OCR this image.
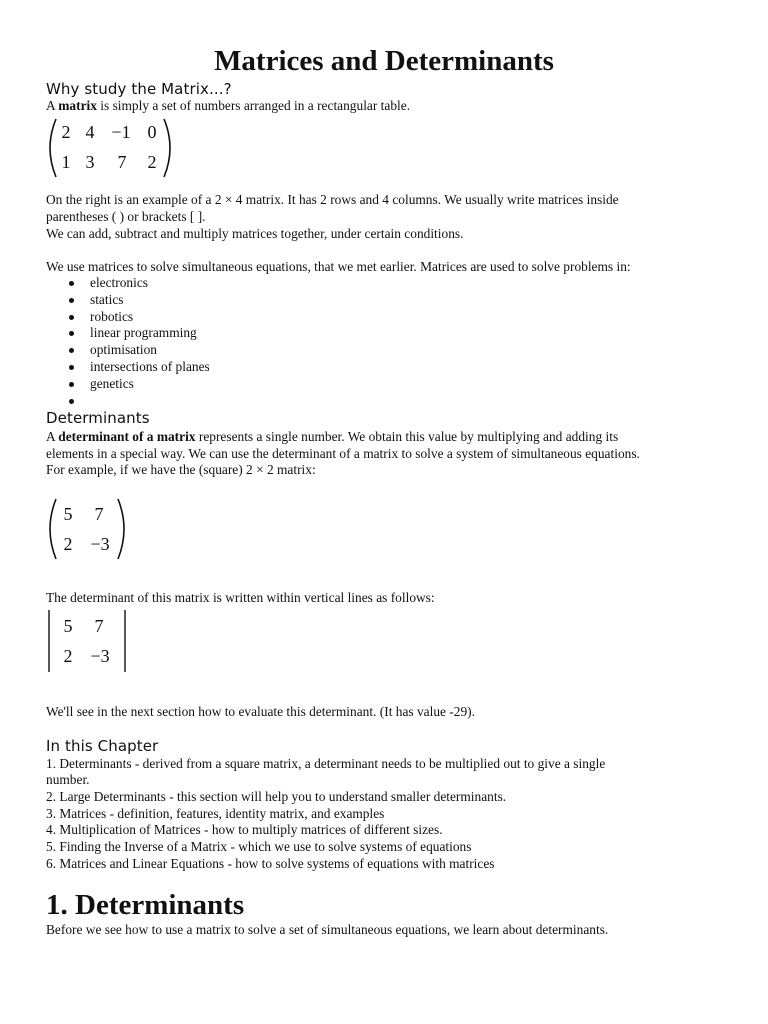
Matrices and Determinants
Why study the Matrix...?
A matrix is simply a set of numbers arranged in a rectangular table.
2 4 −1 0
1 3	7	2
On the right is an example of a 2 × 4 matrix. It has 2 rows and 4 columns. We usually write matrices inside
parentheses ( ) or brackets [ ].
We can add, subtract and multiply matrices together, under certain conditions.
We use matrices to solve simultaneous equations, that we met earlier. Matrices are used to solve problems in:
electronics
statics
robotics
linear programming
optimisation
intersections of planes
genetics
Determinants
A determinant of a matrix represents a single number. We obtain this value by multiplying and adding its
elements in a special way. We can use the determinant of a matrix to solve a system of simultaneous equations.
For example, if we have the (square) 2 × 2 matrix:
5	7
2 −3
The determinant of this matrix is written within vertical lines as follows:
5	7
2 −3
We'll see in the next section how to evaluate this determinant. (It has value -29).
In this Chapter
1. Determinants - derived from a square matrix, a determinant needs to be multiplied out to give a single
number.
2. Large Determinants - this section will help you to understand smaller determinants.
3. Matrices - definition, features, identity matrix, and examples
4. Multiplication of Matrices - how to multiply matrices of different sizes.
5. Finding the Inverse of a Matrix - which we use to solve systems of equations
6. Matrices and Linear Equations - how to solve systems of equations with matrices
1. Determinants
Before we see how to use a matrix to solve a set of simultaneous equations, we learn about determinants.
